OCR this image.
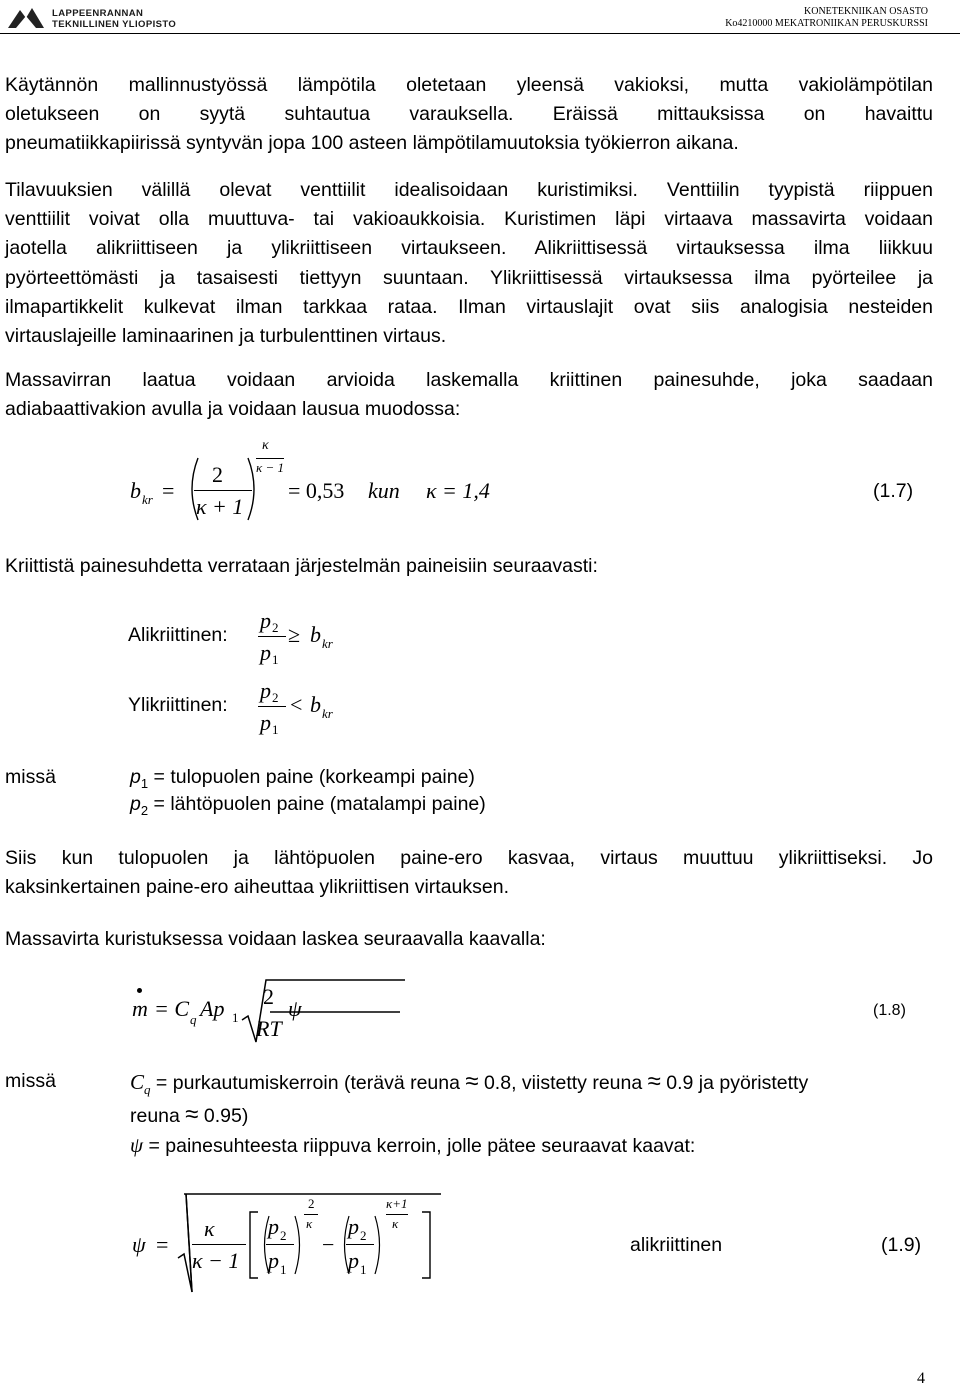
LAPPEENRANNAN
TEKNILLINEN YLIOPISTO
KONETEKNIIKAN OSASTO
Ko4210000 MEKATRONIIKAN PERUSKURSSI
Käytännön mallinnustyössä lämpötila oletetaan yleensä vakioksi, mutta vakiolämpötilan
oletukseen on syytä suhtautua varauksella. Eräissä mittauksissa on havaittu
pneumatiikkapiirissä syntyvän jopa 100 asteen lämpötilamuutoksia työkierron aikana.
Tilavuuksien välillä olevat venttiilit idealisoidaan kuristimiksi. Venttiilin tyypistä riippuen
venttiilit voivat olla muuttuva- tai vakioaukkoisia. Kuristimen läpi virtaava massavirta voidaan
jaotella alikriittiseen ja ylikriittiseen virtaukseen. Alikriittisessä virtauksessa ilma liikkuu
pyörteettömästi ja tasaisesti tiettyyn suuntaan. Ylikriittisessä virtauksessa ilma pyörteilee ja
ilmapartikkelit kulkevat ilman tarkkaa rataa. Ilman virtauslajit ovat siis analogisia nesteiden
virtauslajeille laminaarinen ja turbulenttinen virtaus.
Massavirran laatua voidaan arvioida laskemalla kriittinen painesuhde, joka saadaan
adiabaattivakion avulla ja voidaan lausua muodossa:
b kr =
2
κ + 1
κ
κ − 1
= 0,53 kun κ = 1,4	(1.7)
Kriittistä painesuhdetta verrataan järjestelmän paineisiin seuraavasti:
Alikriittinen:
p 2
p 1
≥ b kr
Ylikriittinen:
p 2
p 1
< b kr
missä	$p_1$ = tulopuolen paine (korkeampi paine)
$p_2$ = lähtöpuolen paine (matalampi paine)
Siis kun tulopuolen ja lähtöpuolen paine-ero kasvaa, virtaus muuttuu ylikriittiseksi. Jo
kaksinkertainen paine-ero aiheuttaa ylikriittisen virtauksen.
Massavirta kuristuksessa voidaan laskea seuraavalla kaavalla:
m = C q Ap 1
2
RT
ψ	(1.8)
missä	$C_q$ = purkautumiskerroin (terävä reuna ≈ 0.8, viistetty reuna ≈ 0.9 ja pyöristetty
reuna ≈ 0.95)
ψ = painesuhteesta riippuva kerroin, jolle pätee seuraavat kaavat:
ψ =
κ
κ − 1
p 2
p 1
2
κ
−
p 2
p 1
κ+1
κ
alikriittinen	(1.9)
4
